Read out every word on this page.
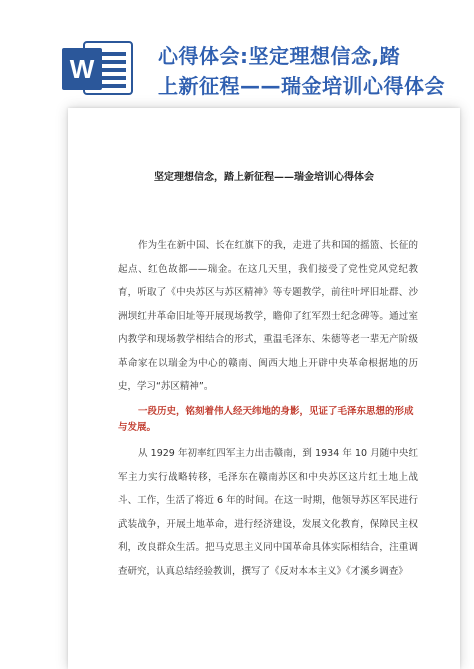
W	心得体会:坚定理想信念,踏
上新征程——瑞金培训心得体会
坚定理想信念，踏上新征程——瑞金培训心得体会
作为生在新中国、长在红旗下的我，走进了共和国的摇篮、长征的起点、红色故都——瑞金。在这几天里，我们接受了党性党风党纪教育，听取了《中央苏区与苏区精神》等专题教学，前往叶坪旧址群、沙洲坝红井革命旧址等开展现场教学，瞻仰了红军烈士纪念碑等。通过室内教学和现场教学相结合的形式，重温毛泽东、朱德等老一辈无产阶级革命家在以瑞金为中心的赣南、闽西大地上开辟中央革命根据地的历史，学习“苏区精神”。
一段历史，铭刻着伟人经天纬地的身影，见证了毛泽东思想的形成与发展。
从 1929 年初率红四军主力出击赣南，到 1934 年 10 月随中央红军主力实行战略转移，毛泽东在赣南苏区和中央苏区这片红土地上战斗、工作，生活了将近 6 年的时间。在这一时期，他领导苏区军民进行武装战争，开展土地革命，进行经济建设，发展文化教育，保障民主权利，改良群众生活。把马克思主义同中国革命具体实际相结合，注重调查研究，认真总结经验教训，撰写了《反对本本主义》《才溪乡调查》
